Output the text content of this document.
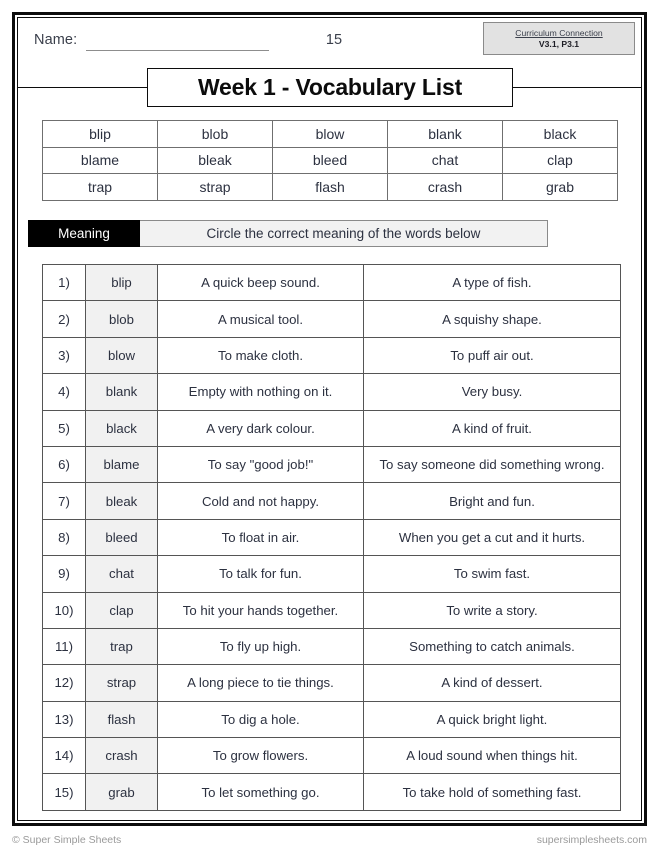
Name:	15	Curriculum Connection
V3.1, P3.1
Week 1 - Vocabulary List
blip	blob	blow	blank	black
blame	bleak	bleed	chat	clap
trap	strap	flash	crash	grab
Meaning	Circle the correct meaning of the words below
1)	blip	A quick beep sound.	A type of fish.
2)	blob	A musical tool.	A squishy shape.
3)	blow	To make cloth.	To puff air out.
4)	blank	Empty with nothing on it.	Very busy.
5)	black	A very dark colour.	A kind of fruit.
6)	blame	To say "good job!"	To say someone did something wrong.
7)	bleak	Cold and not happy.	Bright and fun.
8)	bleed	To float in air.	When you get a cut and it hurts.
9)	chat	To talk for fun.	To swim fast.
10)	clap	To hit your hands together.	To write a story.
11)	trap	To fly up high.	Something to catch animals.
12)	strap	A long piece to tie things.	A kind of dessert.
13)	flash	To dig a hole.	A quick bright light.
14)	crash	To grow flowers.	A loud sound when things hit.
15)	grab	To let something go.	To take hold of something fast.
© Super Simple Sheets	supersimplesheets.com
